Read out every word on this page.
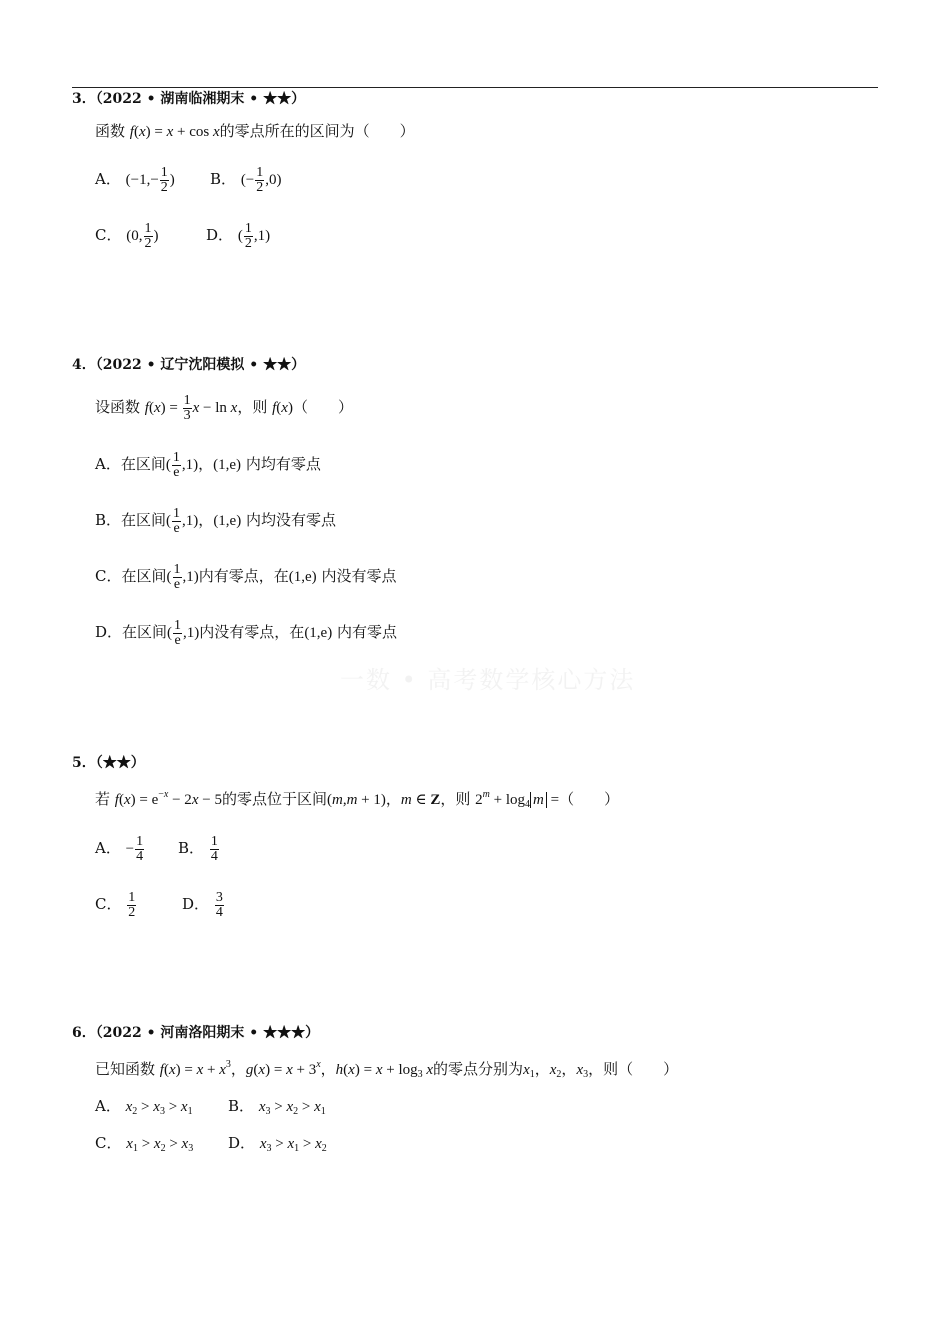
一数 • 高考数学核心方法
3．（2022 • 湖南临湘期末 • ★★）
函数 f(x) = x + cos x的零点所在的区间为（　　）
A． ($-1,- \frac{1}{2}$ ) B． (− $\frac{1}{2} ,0$)
C． (0, $\frac{1}{2}$ )	D． ( $\frac{1}{2} ,1$)
4．（2022 • 辽宁沈阳模拟 • ★★）
设函数 $f(x) = \frac{1}{3}$ x − ln x，则 f(x)（　　）
A．在区间( $\frac{1}{e} ,1$)，(1,e) 内均有零点
B．在区间( $\frac{1}{e} ,1$)，(1,e) 内均没有零点
C．在区间( $\frac{1}{e} ,1$)内有零点，在(1,e) 内没有零点
D．在区间( $\frac{1}{e} ,1$)内没有零点，在(1,e) 内有零点
5．（★★）
若 $f(x) = e^{-x} - 2x - 5$的零点位于区间(m,m + 1)，m ∈ Z，则 $2^m + \log_4 m$ =（　　）
A． − $\frac{1}{4}$ B． $\frac{1}{4}$
C． $\frac{1}{2}$	D． $\frac{3}{4}$
6．（2022 • 河南洛阳期末 • ★★★）
已知函数 $f(x) = x + x^3$，$g(x) = x + 3^x$，$h(x) = x + \log_3 x$的零点分别为$x_1$，$x_2$，$x_3$，则（　　）
A． $x_2 > x_3 > x_1$ B． $x_3 > x_2 > x_1$
C． $x_1 > x_2 > x_3$ D． $x_3 > x_1 > x_2$
